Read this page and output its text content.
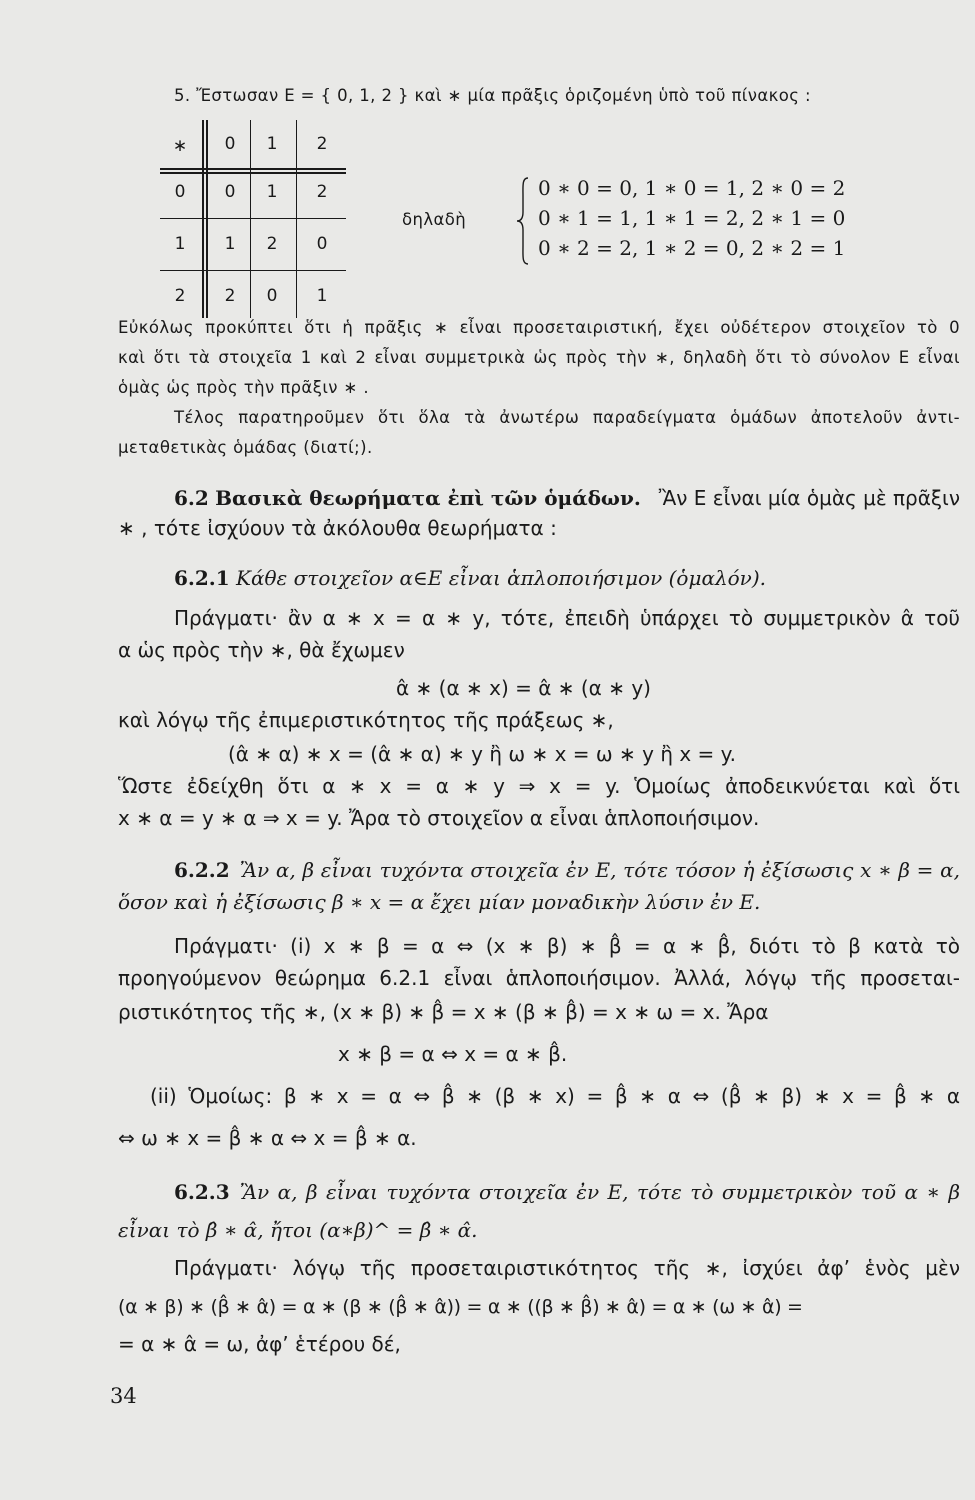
5. Ἔστωσαν Ε = { 0, 1, 2 } καὶ ∗ μία πρᾶξις ὁριζομένη ὑπὸ τοῦ πίνακος :
∗	0	1	2
0	0	1	2
1	1	2	0
2	2	0	1
δηλαδὴ
0 ∗ 0 = 0, 1 ∗ 0 = 1, 2 ∗ 0 = 2
0 ∗ 1 = 1, 1 ∗ 1 = 2, 2 ∗ 1 = 0
0 ∗ 2 = 2, 1 ∗ 2 = 0, 2 ∗ 2 = 1
Εὐκόλως προκύπτει ὅτι ἡ πρᾶξις ∗ εἶναι προσεταιριστική, ἔχει οὐδέτερον στοιχεῖον τὸ 0
καὶ ὅτι τὰ στοιχεῖα 1 καὶ 2 εἶναι συμμετρικὰ ὡς πρὸς τὴν ∗, δηλαδὴ ὅτι τὸ σύνολον Ε εἶναι
ὁμὰς ὡς πρὸς τὴν πρᾶξιν ∗ .
Τέλος παρατηροῦμεν ὅτι ὅλα τὰ ἀνωτέρω παραδείγματα ὁμάδων ἀποτελοῦν ἀντι-
μεταθετικὰς ὁμάδας (διατί;).
6.2 Βασικὰ θεωρήματα ἐπὶ τῶν ὁμάδων. Ἂν Ε εἶναι μία ὁμὰς μὲ πρᾶξιν
∗ , τότε ἰσχύουν τὰ ἀκόλουθα θεωρήματα :
6.2.1 Κάθε στοιχεῖον α∈Ε εἶναι ἁπλοποιήσιμον (ὁμαλόν).
Πράγματι· ἂν α ∗ x = α ∗ y, τότε, ἐπειδὴ ὑπάρχει τὸ συμμετρικὸν α̂ τοῦ
α ὡς πρὸς τὴν ∗, θὰ ἔχωμεν
α̂ ∗ (α ∗ x) = α̂ ∗ (α ∗ y)
καὶ λόγῳ τῆς ἐπιμεριστικότητος τῆς πράξεως ∗,
(α̂ ∗ α) ∗ x = (α̂ ∗ α) ∗ y ἢ ω ∗ x = ω ∗ y ἢ x = y.
Ὥστε ἐδείχθη ὅτι α ∗ x = α ∗ y ⇒ x = y. Ὁμοίως ἀποδεικνύεται καὶ ὅτι
x ∗ α = y ∗ α ⇒ x = y. Ἄρα τὸ στοιχεῖον α εἶναι ἁπλοποιήσιμον.
6.2.2 Ἂν α, β εἶναι τυχόντα στοιχεῖα ἐν Ε, τότε τόσον ἡ ἐξίσωσις x ∗ β = α,
ὅσον καὶ ἡ ἐξίσωσις β ∗ x = α ἔχει μίαν μοναδικὴν λύσιν ἐν Ε.
Πράγματι· (i) x ∗ β = α ⇔ (x ∗ β) ∗ β̂ = α ∗ β̂, διότι τὸ β κατὰ τὸ
προηγούμενον θεώρημα 6.2.1 εἶναι ἁπλοποιήσιμον. Ἀλλά, λόγῳ τῆς προσεται-
ριστικότητος τῆς ∗, (x ∗ β) ∗ β̂ = x ∗ (β ∗ β̂) = x ∗ ω = x. Ἄρα
x ∗ β = α ⇔ x = α ∗ β̂.
(ii) Ὁμοίως: β ∗ x = α ⇔ β̂ ∗ (β ∗ x) = β̂ ∗ α ⇔ (β̂ ∗ β) ∗ x = β̂ ∗ α
⇔ ω ∗ x = β̂ ∗ α ⇔ x = β̂ ∗ α.
6.2.3 Ἂν α, β εἶναι τυχόντα στοιχεῖα ἐν Ε, τότε τὸ συμμετρικὸν τοῦ α ∗ β
εἶναι τὸ β̂ ∗ α̂, ἤτοι (α∗β)^ = β̂ ∗ α̂.
Πράγματι· λόγῳ τῆς προσεταιριστικότητος τῆς ∗, ἰσχύει ἀφ’ ἑνὸς μὲν
(α ∗ β) ∗ (β̂ ∗ α̂) = α ∗ (β ∗ (β̂ ∗ α̂)) = α ∗ ((β ∗ β̂) ∗ α̂) = α ∗ (ω ∗ α̂) =
= α ∗ α̂ = ω, ἀφ’ ἑτέρου δέ,
34
